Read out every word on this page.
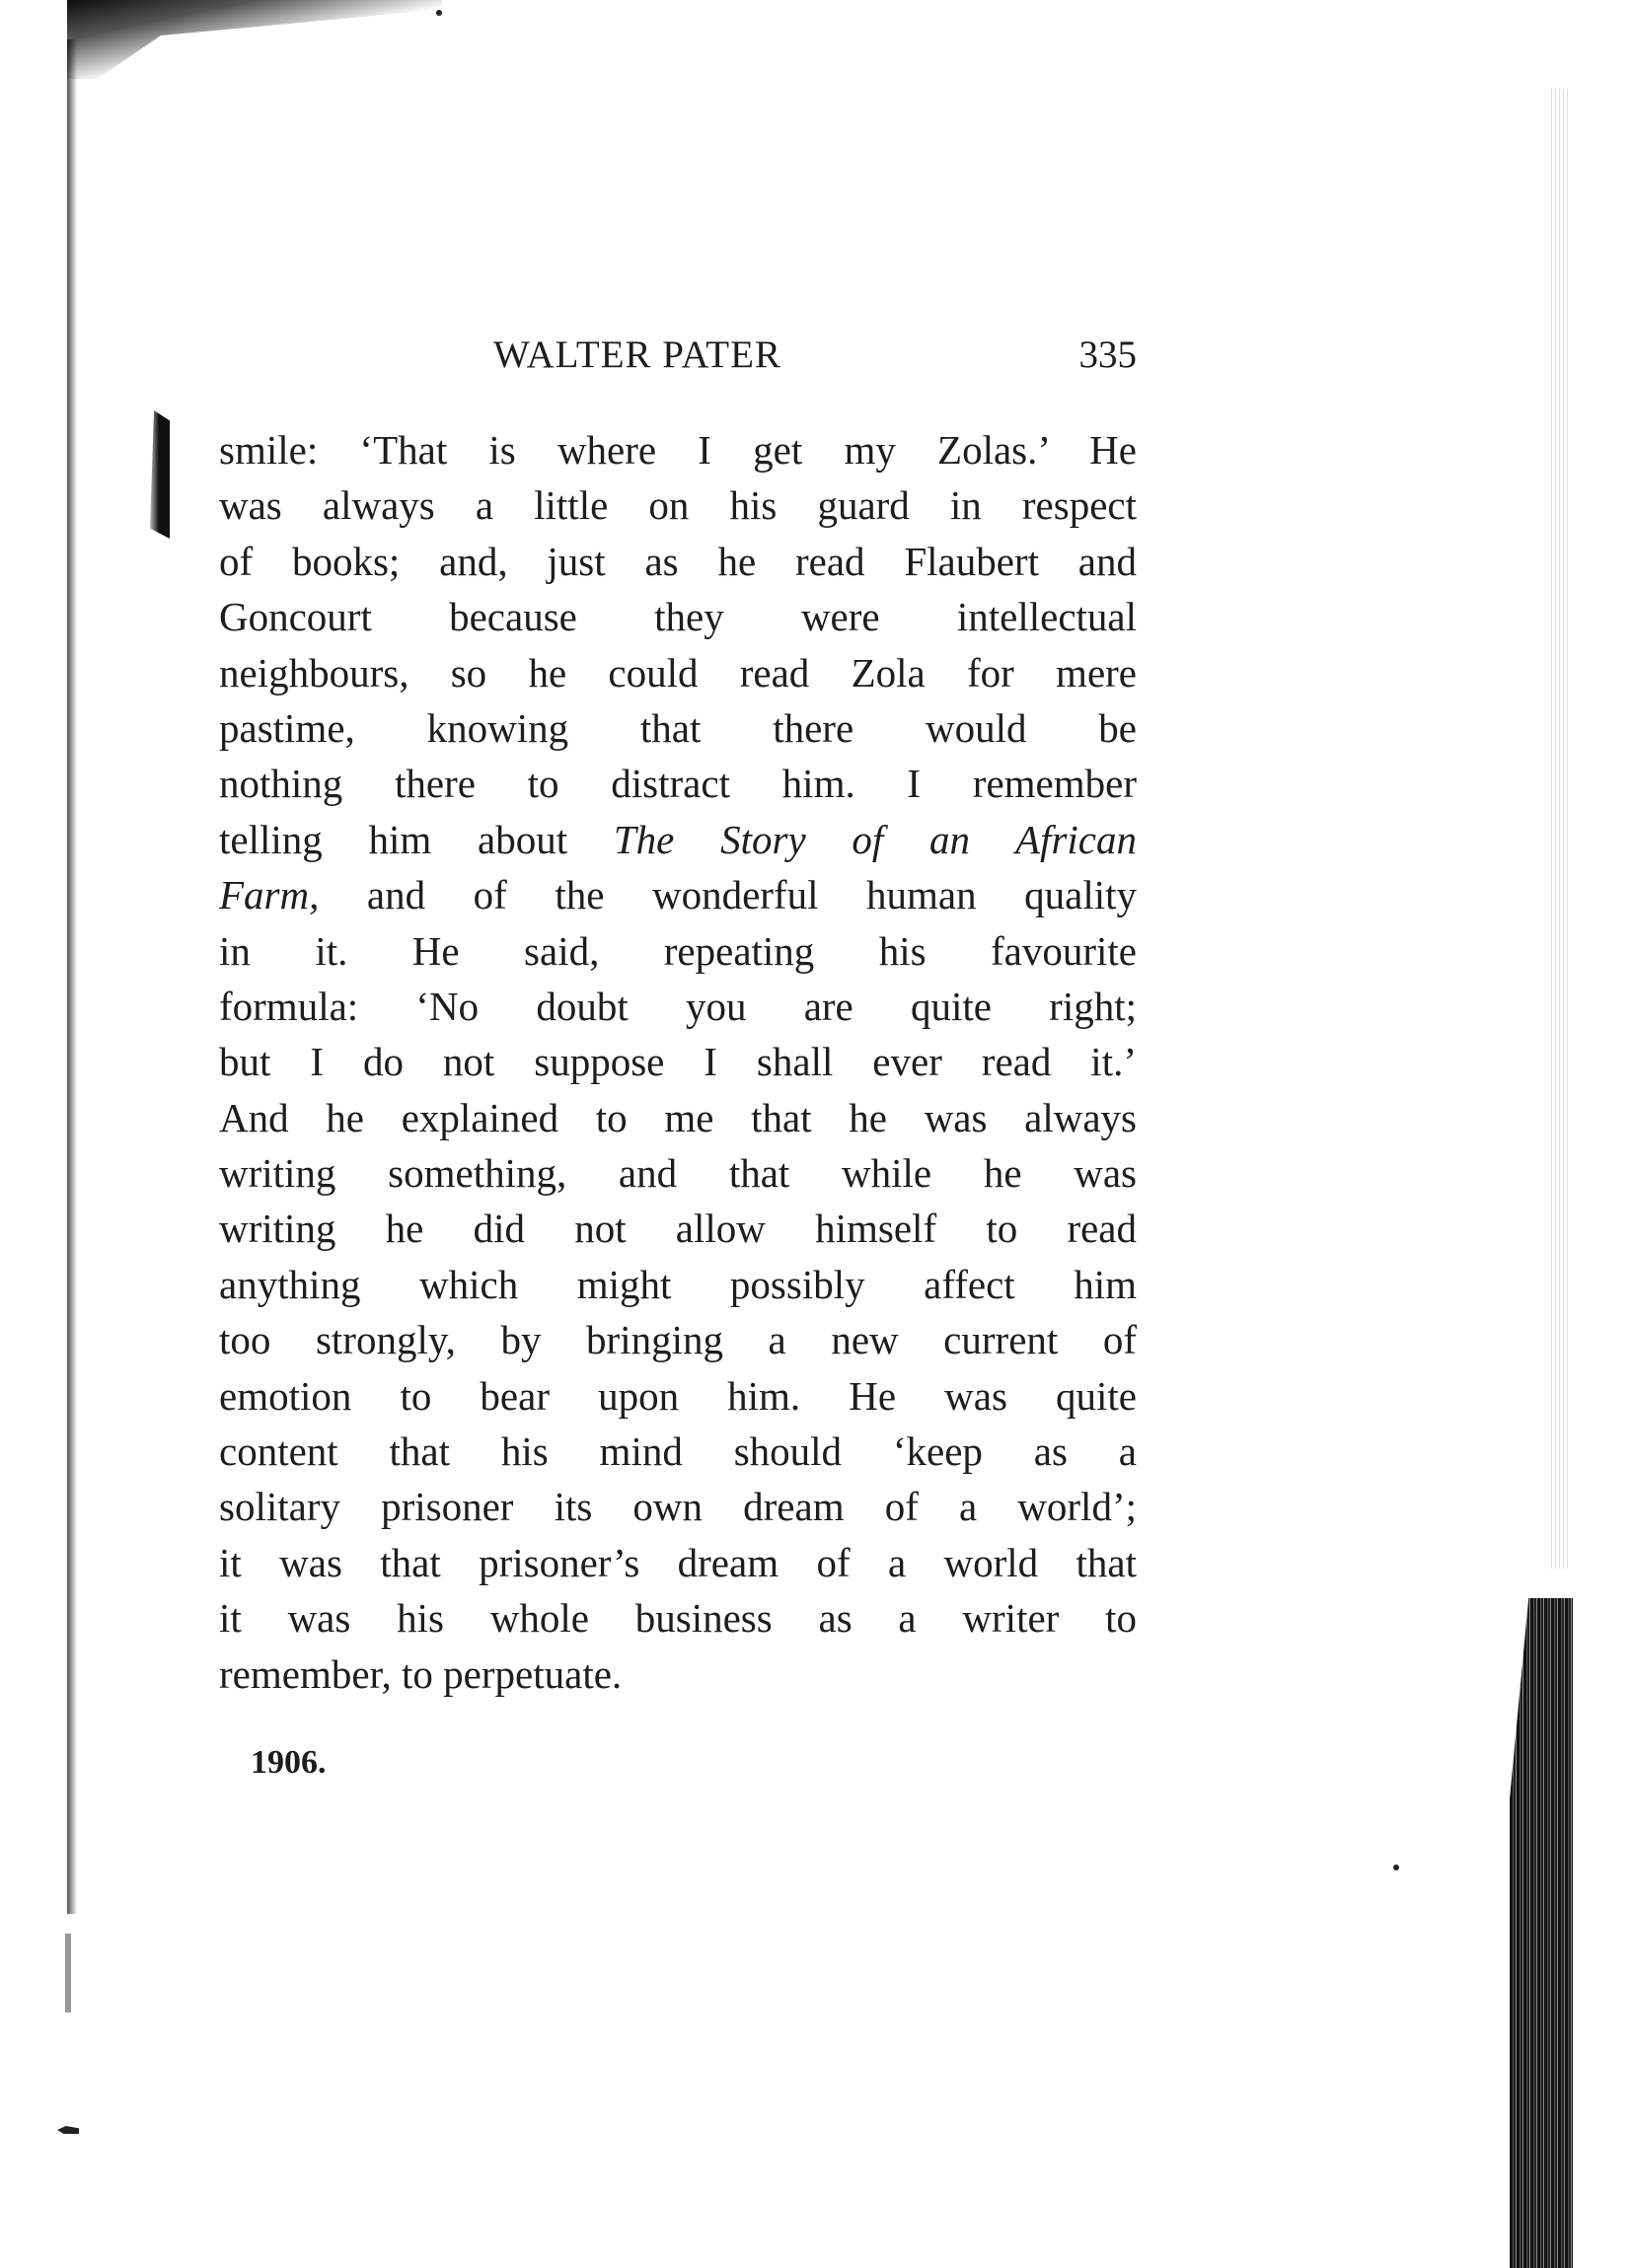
WALTER PATER	335
smile: ‘That is where I get my Zolas.’ He
was always a little on his guard in respect
of books; and, just as he read Flaubert and
Goncourt because they were intellectual
neighbours, so he could read Zola for mere
pastime, knowing that there would be
nothing there to distract him. I remember
telling him about The Story of an African
Farm, and of the wonderful human quality
in it. He said, repeating his favourite
formula: ‘No doubt you are quite right;
but I do not suppose I shall ever read it.’
And he explained to me that he was always
writing something, and that while he was
writing he did not allow himself to read
anything which might possibly affect him
too strongly, by bringing a new current of
emotion to bear upon him. He was quite
content that his mind should ‘keep as a
solitary prisoner its own dream of a world’;
it was that prisoner’s dream of a world that
it was his whole business as a writer to
remember, to perpetuate.
1906.
